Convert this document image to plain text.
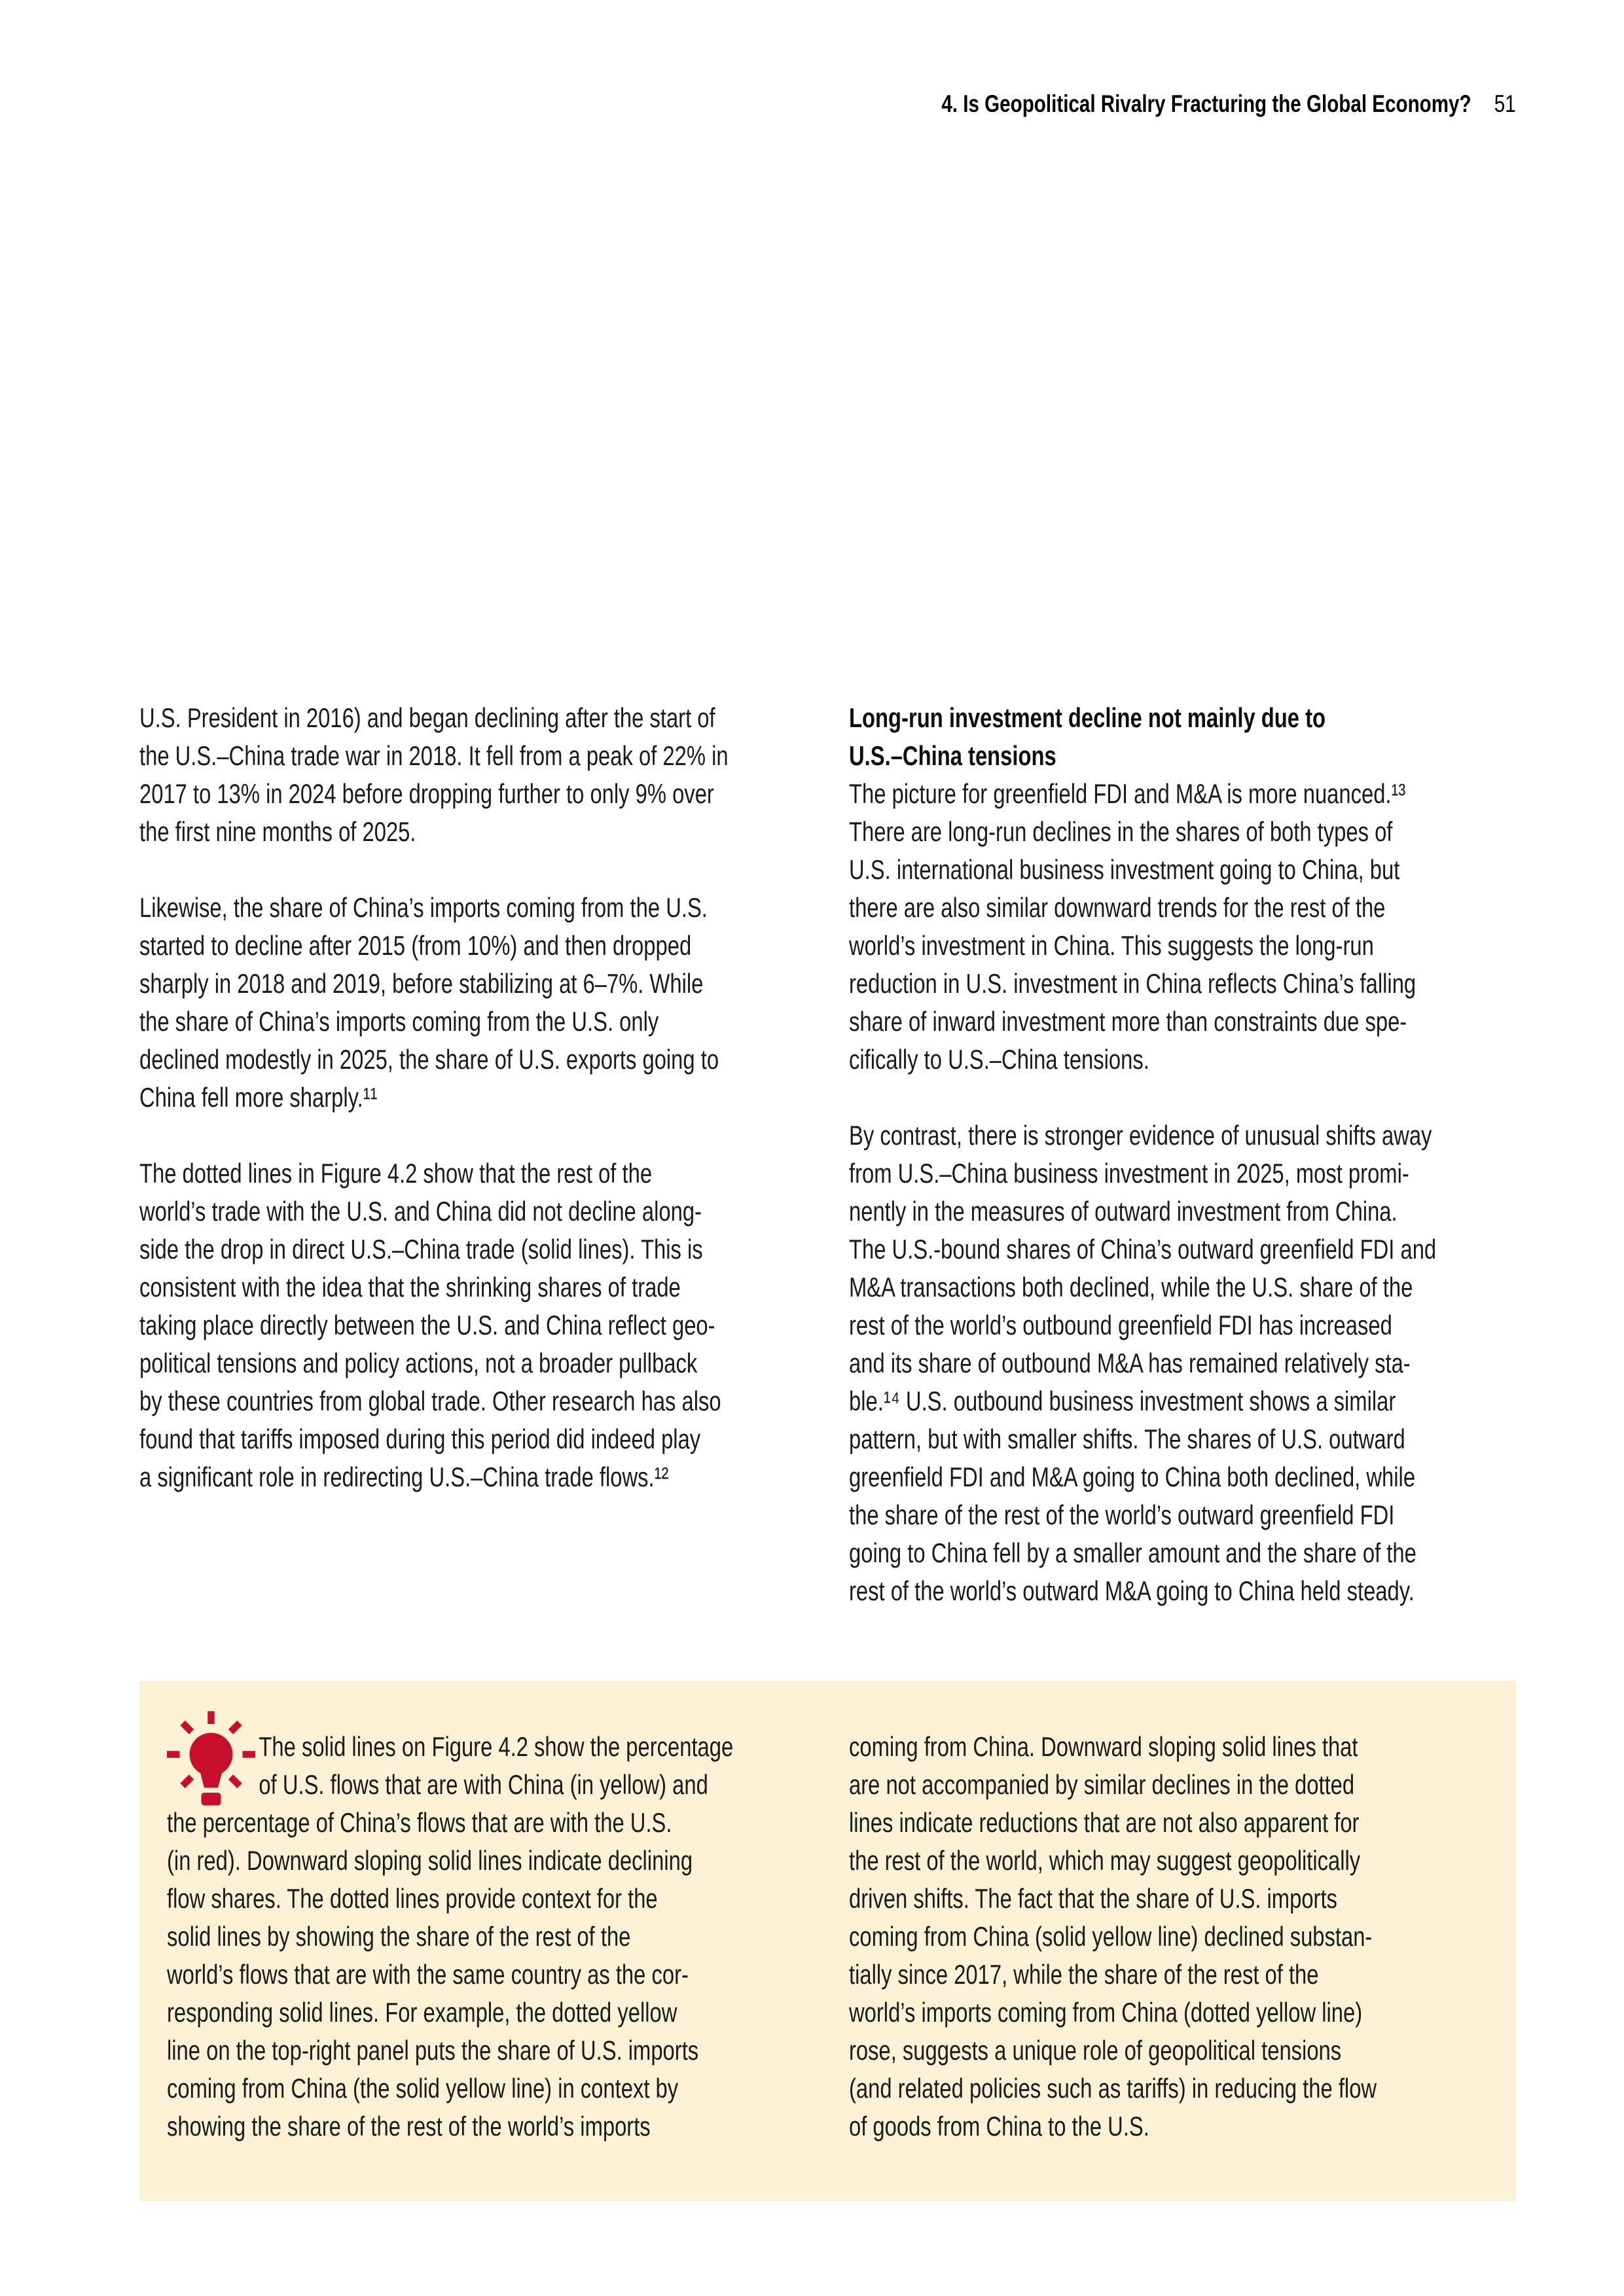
4. Is Geopolitical Rivalry Fracturing the Global Economy? 51
U.S. President in 2016) and began declining after the start of
the U.S.–China trade war in 2018. It fell from a peak of 22% in
2017 to 13% in 2024 before dropping further to only 9% over
the first nine months of 2025.
Likewise, the share of China’s imports coming from the U.S.
started to decline after 2015 (from 10%) and then dropped
sharply in 2018 and 2019, before stabilizing at 6–7%. While
the share of China’s imports coming from the U.S. only
declined modestly in 2025, the share of U.S. exports going to
China fell more sharply.¹¹
The dotted lines in Figure 4.2 show that the rest of the
world’s trade with the U.S. and China did not decline along-
side the drop in direct U.S.–China trade (solid lines). This is
consistent with the idea that the shrinking shares of trade
taking place directly between the U.S. and China reflect geo-
political tensions and policy actions, not a broader pullback
by these countries from global trade. Other research has also
found that tariffs imposed during this period did indeed play
a significant role in redirecting U.S.–China trade flows.¹²
Long-run investment decline not mainly due to
U.S.–China tensions
The picture for greenfield FDI and M&A is more nuanced.¹³
There are long-run declines in the shares of both types of
U.S. international business investment going to China, but
there are also similar downward trends for the rest of the
world’s investment in China. This suggests the long-run
reduction in U.S. investment in China reflects China’s falling
share of inward investment more than constraints due spe-
cifically to U.S.–China tensions.
By contrast, there is stronger evidence of unusual shifts away
from U.S.–China business investment in 2025, most promi-
nently in the measures of outward investment from China.
The U.S.-bound shares of China’s outward greenfield FDI and
M&A transactions both declined, while the U.S. share of the
rest of the world’s outbound greenfield FDI has increased
and its share of outbound M&A has remained relatively sta-
ble.¹⁴ U.S. outbound business investment shows a similar
pattern, but with smaller shifts. The shares of U.S. outward
greenfield FDI and M&A going to China both declined, while
the share of the rest of the world’s outward greenfield FDI
going to China fell by a smaller amount and the share of the
rest of the world’s outward M&A going to China held steady.
The solid lines on Figure 4.2 show the percentage
of U.S. flows that are with China (in yellow) and
the percentage of China’s flows that are with the U.S.
(in red). Downward sloping solid lines indicate declining
flow shares. The dotted lines provide context for the
solid lines by showing the share of the rest of the
world’s flows that are with the same country as the cor-
responding solid lines. For example, the dotted yellow
line on the top-right panel puts the share of U.S. imports
coming from China (the solid yellow line) in context by
showing the share of the rest of the world’s imports
coming from China. Downward sloping solid lines that
are not accompanied by similar declines in the dotted
lines indicate reductions that are not also apparent for
the rest of the world, which may suggest geopolitically
driven shifts. The fact that the share of U.S. imports
coming from China (solid yellow line) declined substan-
tially since 2017, while the share of the rest of the
world’s imports coming from China (dotted yellow line)
rose, suggests a unique role of geopolitical tensions
(and related policies such as tariffs) in reducing the flow
of goods from China to the U.S.
